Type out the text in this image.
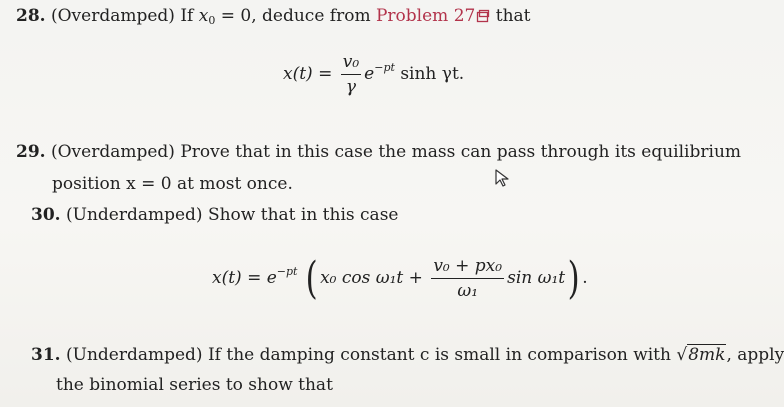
28. (Overdamped) If $x_0 = 0$, deduce from Problem 27 that
$x(t) = \frac{\text{v₀}}{\gamma} e^{-pt}$ sinh γt.
29. (Overdamped) Prove that in this case the mass can pass through its equilibrium
position x = 0 at most once.
30. (Underdamped) Show that in this case
$x(t) = e^{-pt}$ ( x₀ $\cos \omega_1t + \frac{\text{v₀ + px₀}}{\text{ω₁}}$ sin ω₁t) .
31. (Underdamped) If the damping constant c is small in comparison with √8mk, apply
the binomial series to show that
